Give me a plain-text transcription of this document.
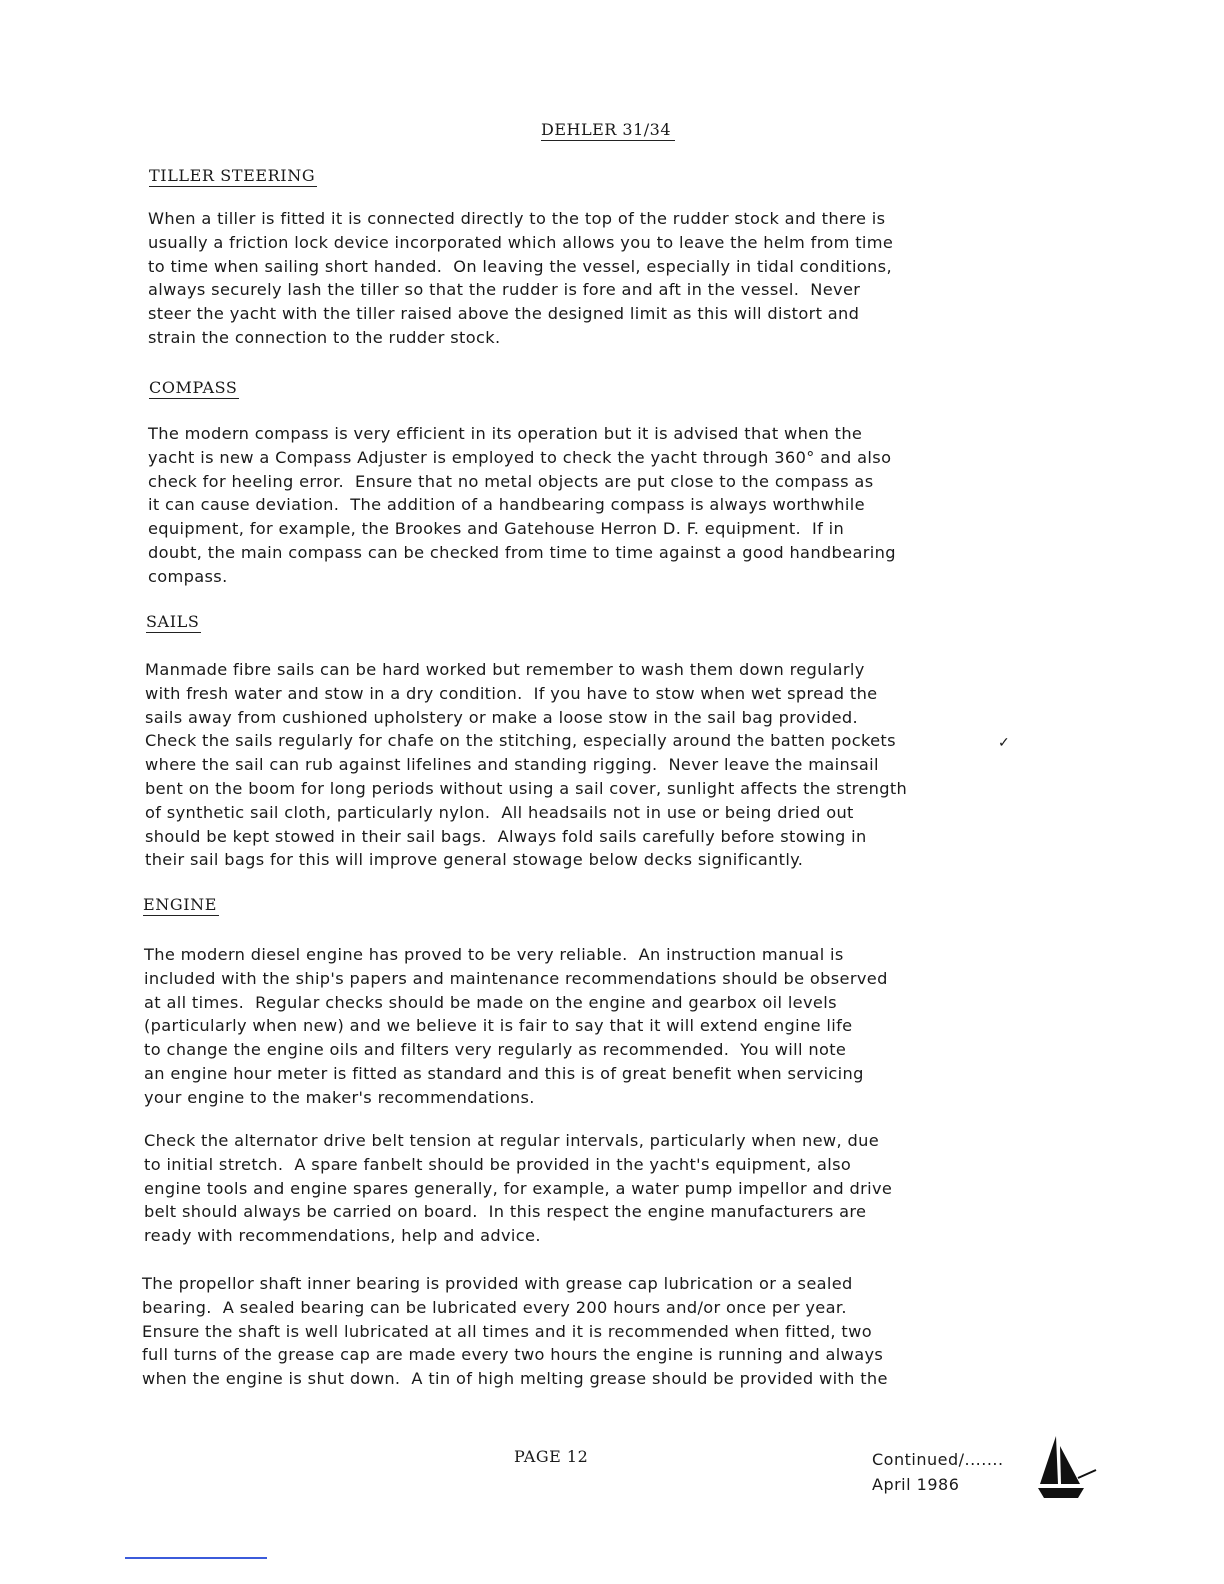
DEHLER 31/34
TILLER STEERING
When a tiller is fitted it is connected directly to the top of the rudder stock and there is
usually a friction lock device incorporated which allows you to leave the helm from time
to time when sailing short handed.  On leaving the vessel, especially in tidal conditions,
always securely lash the tiller so that the rudder is fore and aft in the vessel.  Never
steer the yacht with the tiller raised above the designed limit as this will distort and
strain the connection to the rudder stock.
COMPASS
The modern compass is very efficient in its operation but it is advised that when the
yacht is new a Compass Adjuster is employed to check the yacht through 360° and also
check for heeling error.  Ensure that no metal objects are put close to the compass as
it can cause deviation.  The addition of a handbearing compass is always worthwhile
equipment, for example, the Brookes and Gatehouse Herron D. F. equipment.  If in
doubt, the main compass can be checked from time to time against a good handbearing
compass.
SAILS
Manmade fibre sails can be hard worked but remember to wash them down regularly
with fresh water and stow in a dry condition.  If you have to stow when wet spread the
sails away from cushioned upholstery or make a loose stow in the sail bag provided.
Check the sails regularly for chafe on the stitching, especially around the batten pockets
where the sail can rub against lifelines and standing rigging.  Never leave the mainsail
bent on the boom for long periods without using a sail cover, sunlight affects the strength
of synthetic sail cloth, particularly nylon.  All headsails not in use or being dried out
should be kept stowed in their sail bags.  Always fold sails carefully before stowing in
their sail bags for this will improve general stowage below decks significantly.
✓
ENGINE
The modern diesel engine has proved to be very reliable.  An instruction manual is
included with the ship's papers and maintenance recommendations should be observed
at all times.  Regular checks should be made on the engine and gearbox oil levels
(particularly when new) and we believe it is fair to say that it will extend engine life
to change the engine oils and filters very regularly as recommended.  You will note
an engine hour meter is fitted as standard and this is of great benefit when servicing
your engine to the maker's recommendations.
Check the alternator drive belt tension at regular intervals, particularly when new, due
to initial stretch.  A spare fanbelt should be provided in the yacht's equipment, also
engine tools and engine spares generally, for example, a water pump impellor and drive
belt should always be carried on board.  In this respect the engine manufacturers are
ready with recommendations, help and advice.
The propellor shaft inner bearing is provided with grease cap lubrication or a sealed
bearing.  A sealed bearing can be lubricated every 200 hours and/or once per year.
Ensure the shaft is well lubricated at all times and it is recommended when fitted, two
full turns of the grease cap are made every two hours the engine is running and always
when the engine is shut down.  A tin of high melting grease should be provided with the
PAGE 12	Continued/.......
April 1986
